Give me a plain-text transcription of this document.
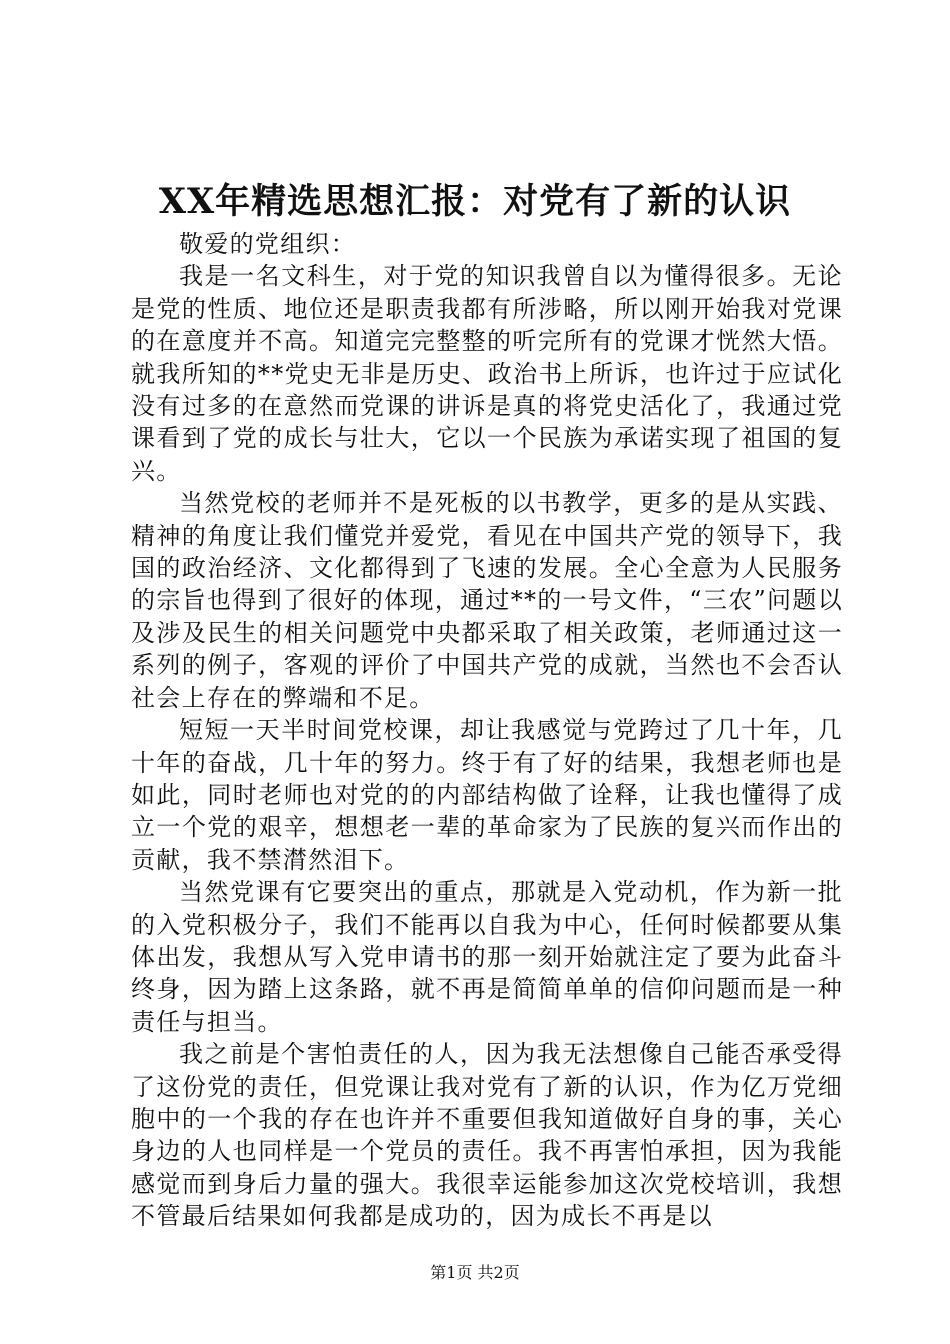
XX年精选思想汇报：对党有了新的认识

敬爱的党组织：

我是一名文科生，对于党的知识我曾自以为懂得很多。无论是党的性质、地位还是职责我都有所涉略，所以刚开始我对党课的在意度并不高。知道完完整整的听完所有的党课才恍然大悟。就我所知的**党史无非是历史、政治书上所诉，也许过于应试化没有过多的在意然而党课的讲诉是真的将党史活化了，我通过党课看到了党的成长与壮大，它以一个民族为承诺实现了祖国的复兴。

当然党校的老师并不是死板的以书教学，更多的是从实践、精神的角度让我们懂党并爱党，看见在中国共产党的领导下，我国的政治经济、文化都得到了飞速的发展。全心全意为人民服务的宗旨也得到了很好的体现，通过**的一号文件，“三农”问题以及涉及民生的相关问题党中央都采取了相关政策，老师通过这一系列的例子，客观的评价了中国共产党的成就，当然也不会否认社会上存在的弊端和不足。

短短一天半时间党校课，却让我感觉与党跨过了几十年，几十年的奋战，几十年的努力。终于有了好的结果，我想老师也是如此，同时老师也对党的的内部结构做了诠释，让我也懂得了成立一个党的艰辛，想想老一辈的革命家为了民族的复兴而作出的贡献，我不禁潸然泪下。

当然党课有它要突出的重点，那就是入党动机，作为新一批的入党积极分子，我们不能再以自我为中心，任何时候都要从集体出发，我想从写入党申请书的那一刻开始就注定了要为此奋斗终身，因为踏上这条路，就不再是简简单单的信仰问题而是一种责任与担当。

我之前是个害怕责任的人，因为我无法想像自己能否承受得了这份党的责任，但党课让我对党有了新的认识，作为亿万党细胞中的一个我的存在也许并不重要但我知道做好自身的事，关心身边的人也同样是一个党员的责任。我不再害怕承担，因为我能感觉而到身后力量的强大。我很幸运能参加这次党校培训，我想不管最后结果如何我都是成功的，因为成长不再是以

第1页 共2页
